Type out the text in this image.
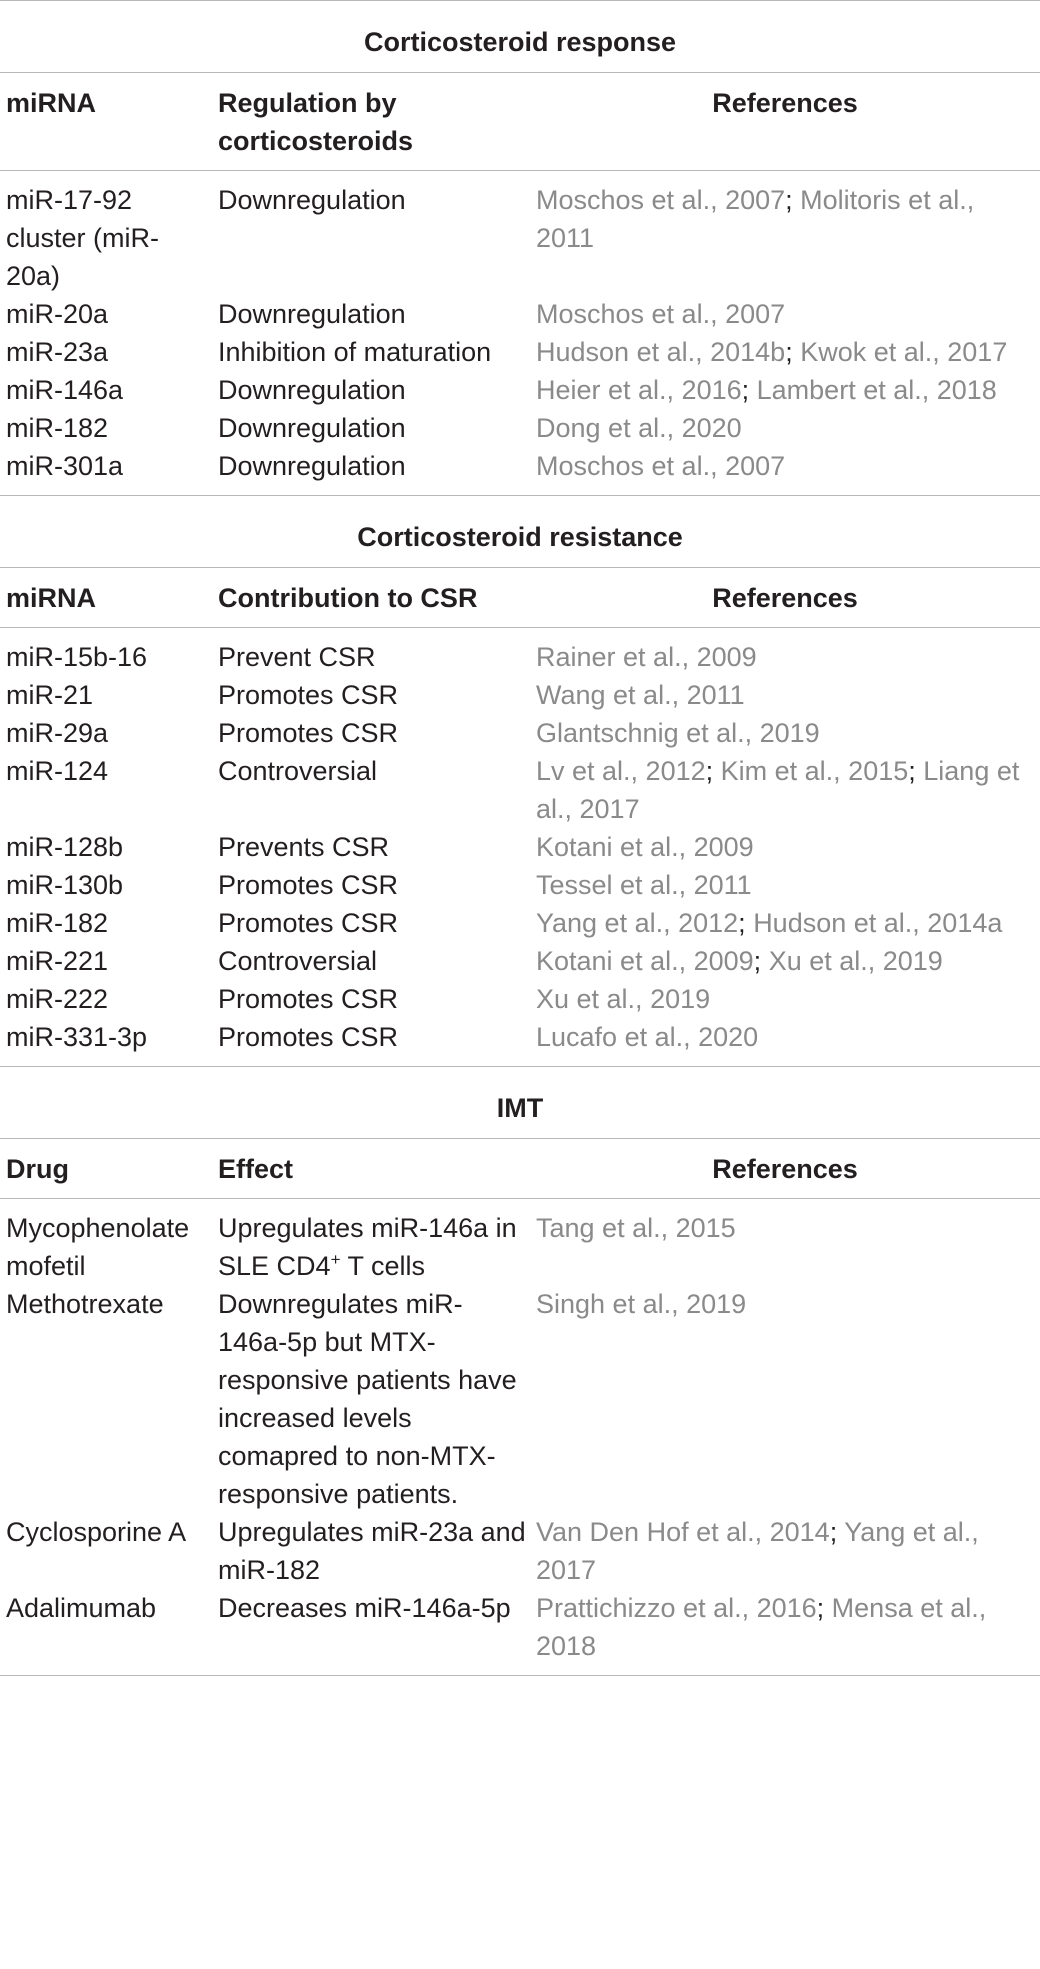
Corticosteroid response		
miRNA	Regulation by corticosteroids	References
miR-17-92 cluster (miR-20a)	Downregulation	Moschos et al., 2007; Molitoris et al., 2011
miR-20a	Downregulation	Moschos et al., 2007
miR-23a	Inhibition of maturation	Hudson et al., 2014b; Kwok et al., 2017
miR-146a	Downregulation	Heier et al., 2016; Lambert et al., 2018
miR-182	Downregulation	Dong et al., 2020
miR-301a	Downregulation	Moschos et al., 2007
Corticosteroid resistance		
miRNA	Contribution to CSR	References
miR-15b-16	Prevent CSR	Rainer et al., 2009
miR-21	Promotes CSR	Wang et al., 2011
miR-29a	Promotes CSR	Glantschnig et al., 2019
miR-124	Controversial	Lv et al., 2012; Kim et al., 2015; Liang et al., 2017
miR-128b	Prevents CSR	Kotani et al., 2009
miR-130b	Promotes CSR	Tessel et al., 2011
miR-182	Promotes CSR	Yang et al., 2012; Hudson et al., 2014a
miR-221	Controversial	Kotani et al., 2009; Xu et al., 2019
miR-222	Promotes CSR	Xu et al., 2019
miR-331-3p	Promotes CSR	Lucafo et al., 2020
IMT		
Drug	Effect	References
Mycophenolate mofetil	Upregulates miR-146a in SLE CD4+ T cells	Tang et al., 2015
Methotrexate	Downregulates miR-146a-5p but MTX-responsive patients have increased levels comapred to non-MTX-responsive patients.	Singh et al., 2019
Cyclosporine A	Upregulates miR-23a and miR-182	Van Den Hof et al., 2014; Yang et al., 2017
Adalimumab	Decreases miR-146a-5p	Prattichizzo et al., 2016; Mensa et al., 2018
